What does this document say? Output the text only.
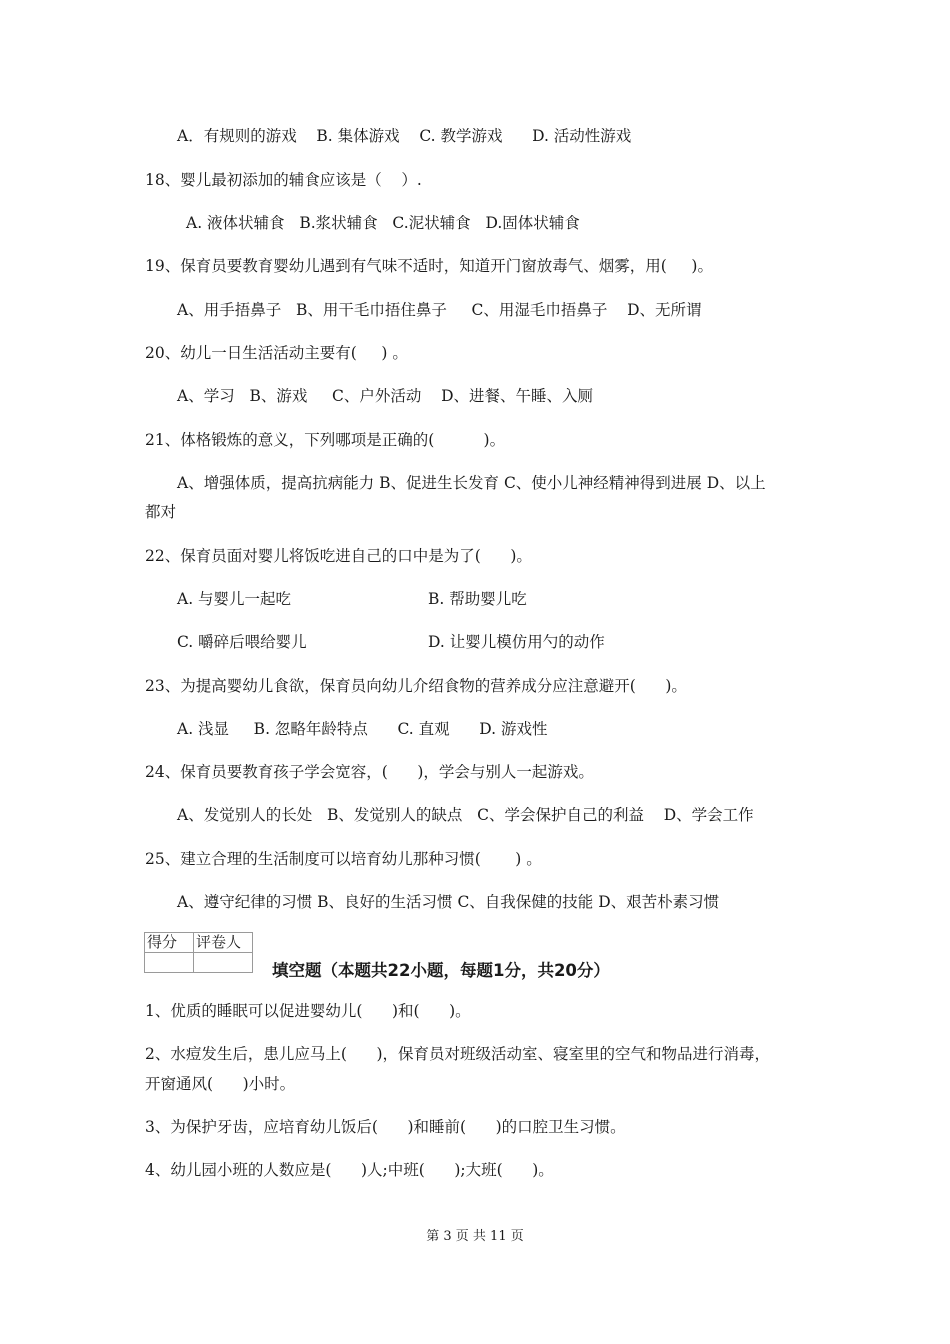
A．有规则的游戏    B. 集体游戏    C. 教学游戏      D. 活动性游戏
18、婴儿最初添加的辅食应该是（    ）.
A. 液体状辅食   B.浆状辅食   C.泥状辅食   D.固体状辅食
19、保育员要教育婴幼儿遇到有气味不适时，知道开门窗放毒气、烟雾，用(     )。
A、用手捂鼻子   B、用干毛巾捂住鼻子     C、用湿毛巾捂鼻子    D、无所谓
20、幼儿一日生活活动主要有(     ) 。
A、学习   B、游戏     C、户外活动    D、进餐、午睡、入厕
21、体格锻炼的意义，下列哪项是正确的(          )。
A、增强体质，提高抗病能力 B、促进生长发育 C、使小儿神经精神得到进展 D、以上
都对
22、保育员面对婴儿将饭吃进自己的口中是为了(      )。
A. 与婴儿一起吃	B. 帮助婴儿吃
C. 嚼碎后喂给婴儿	D. 让婴儿模仿用勺的动作
23、为提高婴幼儿食欲，保育员向幼儿介绍食物的营养成分应注意避开(      )。
A. 浅显     B. 忽略年龄特点      C. 直观      D. 游戏性
24、保育员要教育孩子学会宽容，(      )，学会与别人一起游戏。
A、发觉别人的长处   B、发觉别人的缺点   C、学会保护自己的利益    D、学会工作
25、建立合理的生活制度可以培育幼儿那种习惯(       ) 。
A、遵守纪律的习惯 B、良好的生活习惯 C、自我保健的技能 D、艰苦朴素习惯
得分	评卷人

填空题（本题共22小题，每题1分，共20分）
1、优质的睡眠可以促进婴幼儿(      )和(      )。
2、水痘发生后，患儿应马上(      )，保育员对班级活动室、寝室里的空气和物品进行消毒，
开窗通风(      )小时。
3、为保护牙齿，应培育幼儿饭后(      )和睡前(      )的口腔卫生习惯。
4、幼儿园小班的人数应是(      )人;中班(      );大班(      )。
第 3 页 共 11 页
